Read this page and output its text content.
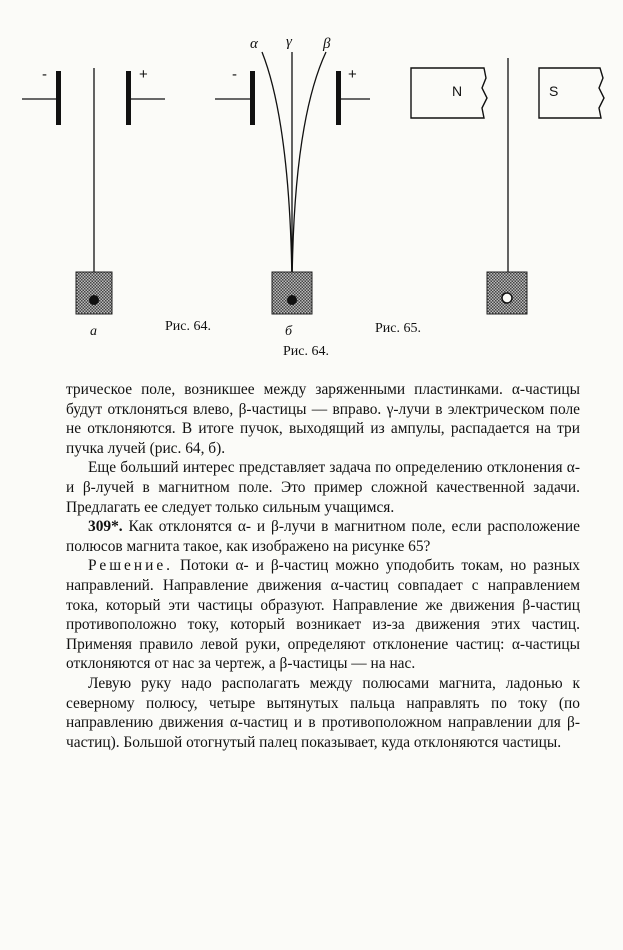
-	+	-	+
α γ β
N	S
а	Рис. 64.	б	Рис. 65.
Рис. 64.

трическое поле, возникшее между заряженными пластинками. α-частицы будут отклоняться влево, β-частицы — вправо. γ-лучи в электрическом поле не отклоняются. В итоге пучок, выходящий из ампулы, распадается на три пучка лучей (рис. 64, б).

Еще больший интерес представляет задача по определению отклонения α- и β-лучей в магнитном поле. Это пример сложной качественной задачи. Предлагать ее следует только сильным учащимся.

309*. Как отклонятся α- и β-лучи в магнитном поле, если расположение полюсов магнита такое, как изображено на рисунке 65?

Решение. Потоки α- и β-частиц можно уподобить токам, но разных направлений. Направление движения α-частиц совпадает с направлением тока, который эти частицы образуют. Направление же движения β-частиц противоположно току, который возникает из-за движения этих частиц. Применяя правило левой руки, определяют отклонение частиц: α-частицы отклоняются от нас за чертеж, а β-частицы — на нас.

Левую руку надо располагать между полюсами магнита, ладонью к северному полюсу, четыре вытянутых пальца направлять по току (по направлению движения α-частиц и в противоположном направлении для β-частиц). Большой отогнутый палец показывает, куда отклоняются частицы.
